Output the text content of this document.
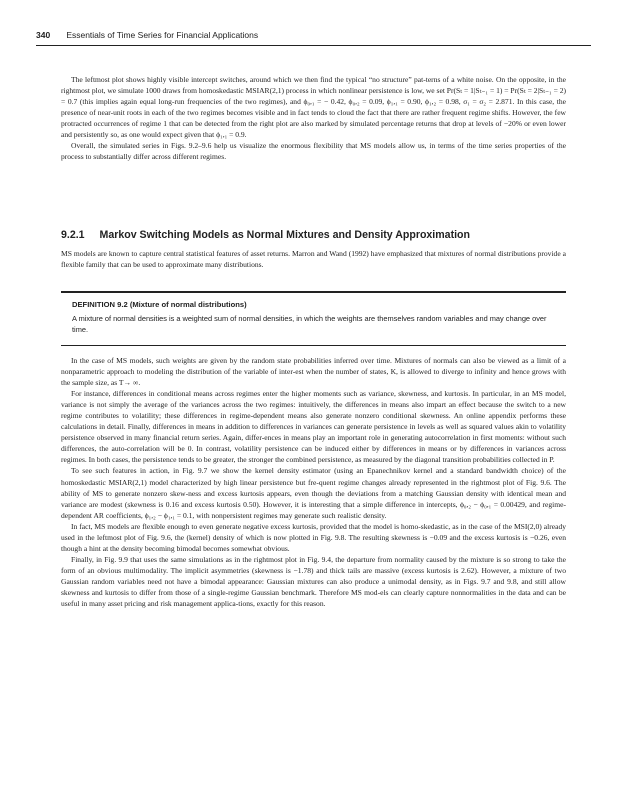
340 Essentials of Time Series for Financial Applications

The leftmost plot shows highly visible intercept switches, around which we then find the typical “no structure” pat-terns of a white noise. On the opposite, in the rightmost plot, we simulate 1000 draws from homoskedastic MSIAR(2,1) process in which nonlinear persistence is low, we set Pr(Sₜ = 1|Sₜ₋₁ = 1) = Pr(Sₜ = 2|Sₜ₋₁ = 2) = 0.7 (this implies again equal long-run frequencies of the two regimes), and ϕ₀,₁ = − 0.42, ϕ₀,₂ = 0.09, ϕ₁,₁ = 0.90, ϕ₁,₂ = 0.98, σ₁ = σ₂ = 2.871. In this case, the presence of near-unit roots in each of the two regimes becomes visible and in fact tends to cloud the fact that there are rather frequent regime shifts. However, the few protracted occurrences of regime 1 that can be detected from the right plot are also marked by simulated percentage returns that drop at levels of −20% or even lower and persistently so, as one would expect given that ϕ₁,₁ = 0.9.

Overall, the simulated series in Figs. 9.2–9.6 help us visualize the enormous flexibility that MS models allow us, in terms of the time series properties of the process to substantially differ across different regimes.

9.2.1 Markov Switching Models as Normal Mixtures and Density Approximation

MS models are known to capture central statistical features of asset returns. Marron and Wand (1992) have emphasized that mixtures of normal distributions provide a flexible family that can be used to approximate many distributions.

DEFINITION 9.2 (Mixture of normal distributions)
A mixture of normal densities is a weighted sum of normal densities, in which the weights are themselves random variables and may change over time.

In the case of MS models, such weights are given by the random state probabilities inferred over time. Mixtures of normals can also be viewed as a limit of a nonparametric approach to modeling the distribution of the variable of inter-est when the number of states, K, is allowed to diverge to infinity and hence grows with the sample size, as T→ ∞.

For instance, differences in conditional means across regimes enter the higher moments such as variance, skewness, and kurtosis. In particular, in an MS model, variance is not simply the average of the variances across the two regimes: intuitively, the differences in means also impart an effect because the switch to a new regime contributes to volatility; these differences in regime-dependent means also generate nonzero conditional skewness. An online appendix performs these calculations in detail. Finally, differences in means in addition to differences in variances can generate persistence in levels as well as squared values akin to volatility persistence observed in many financial return series. Again, differ-ences in means play an important role in generating autocorrelation in first moments: without such differences, the auto-correlation will be 0. In contrast, volatility persistence can be induced either by differences in means or by differences in variances across regimes. In both cases, the persistence tends to be greater, the stronger the combined persistence, as measured by the diagonal transition probabilities collected in P.

To see such features in action, in Fig. 9.7 we show the kernel density estimator (using an Epanechnikov kernel and a standard bandwidth choice) of the homoskedastic MSIAR(2,1) model characterized by high linear persistence but fre-quent regime changes already represented in the rightmost plot of Fig. 9.6. The ability of MS to generate nonzero skew-ness and excess kurtosis appears, even though the deviations from a matching Gaussian density with identical mean and variance are modest (skewness is 0.16 and excess kurtosis 0.50). However, it is interesting that a simple difference in intercepts, ϕ₀,₂ − ϕ₀,₁ = 0.00429, and regime-dependent AR coefficients, ϕ₁,₂ − ϕ₁,₁ = 0.1, with nonpersistent regimes may generate such realistic density.

In fact, MS models are flexible enough to even generate negative excess kurtosis, provided that the model is homo-skedastic, as in the case of the MSI(2,0) already used in the leftmost plot of Fig. 9.6, the (kernel) density of which is now plotted in Fig. 9.8. The resulting skewness is −0.09 and the excess kurtosis is −0.26, even though a hint at the density becoming bimodal becomes somewhat obvious.

Finally, in Fig. 9.9 that uses the same simulations as in the rightmost plot in Fig. 9.4, the departure from normality caused by the mixture is so strong to take the form of an obvious multimodality. The implicit asymmetries (skewness is −1.78) and thick tails are massive (excess kurtosis is 2.62). However, a mixture of two Gaussian random variables need not have a bimodal appearance: Gaussian mixtures can also produce a unimodal density, as in Figs. 9.7 and 9.8, and still allow skewness and kurtosis to differ from those of a single-regime Gaussian benchmark. Therefore MS mod-els can clearly capture nonnormalities in the data and can be useful in many asset pricing and risk management applica-tions, exactly for this reason.
